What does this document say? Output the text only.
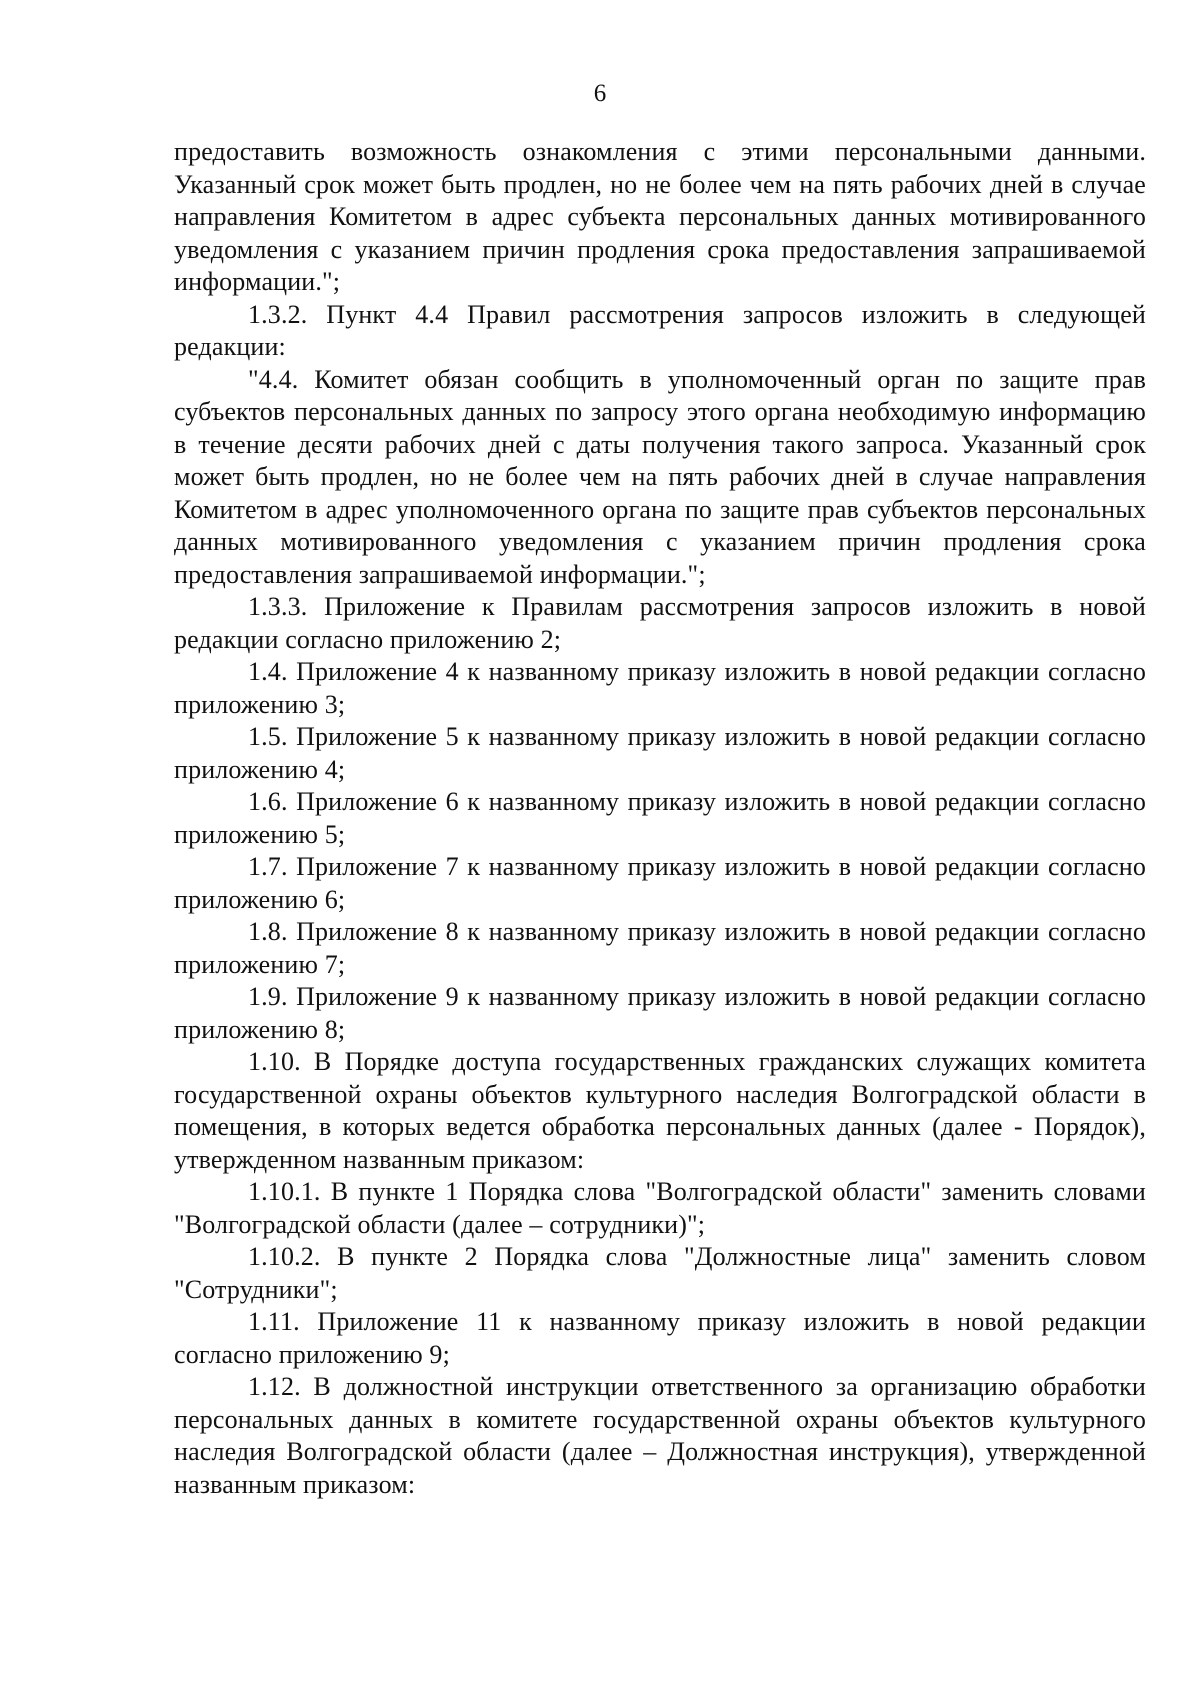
6

предоставить возможность ознакомления с этими персональными данными. Указанный срок может быть продлен, но не более чем на пять рабочих дней в случае направления Комитетом в адрес субъекта персональных данных мотивированного уведомления с указанием причин продления срока предоставления запрашиваемой информации.";

1.3.2. Пункт 4.4 Правил рассмотрения запросов изложить в следующей редакции:

"4.4. Комитет обязан сообщить в уполномоченный орган по защите прав субъектов персональных данных по запросу этого органа необходимую информацию в течение десяти рабочих дней с даты получения такого запроса. Указанный срок может быть продлен, но не более чем на пять рабочих дней в случае направления Комитетом в адрес уполномоченного органа по защите прав субъектов персональных данных мотивированного уведомления с указанием причин продления срока предоставления запрашиваемой информации.";

1.3.3. Приложение к Правилам рассмотрения запросов изложить в новой редакции согласно приложению 2;

1.4. Приложение 4 к названному приказу изложить в новой редакции согласно приложению 3;

1.5. Приложение 5 к названному приказу изложить в новой редакции согласно приложению 4;

1.6. Приложение 6 к названному приказу изложить в новой редакции согласно приложению 5;

1.7. Приложение 7 к названному приказу изложить в новой редакции согласно приложению 6;

1.8. Приложение 8 к названному приказу изложить в новой редакции согласно приложению 7;

1.9. Приложение 9 к названному приказу изложить в новой редакции согласно приложению 8;

1.10. В Порядке доступа государственных гражданских служащих комитета государственной охраны объектов культурного наследия Волгоградской области в помещения, в которых ведется обработка персональных данных (далее - Порядок), утвержденном названным приказом:

1.10.1. В пункте 1 Порядка слова "Волгоградской области" заменить словами "Волгоградской области (далее – сотрудники)";

1.10.2. В пункте 2 Порядка слова "Должностные лица" заменить словом "Сотрудники";

1.11. Приложение 11 к названному приказу изложить в новой редакции согласно приложению 9;

1.12. В должностной инструкции ответственного за организацию обработки персональных данных в комитете государственной охраны объектов культурного наследия Волгоградской области (далее – Должностная инструкция), утвержденной названным приказом:
